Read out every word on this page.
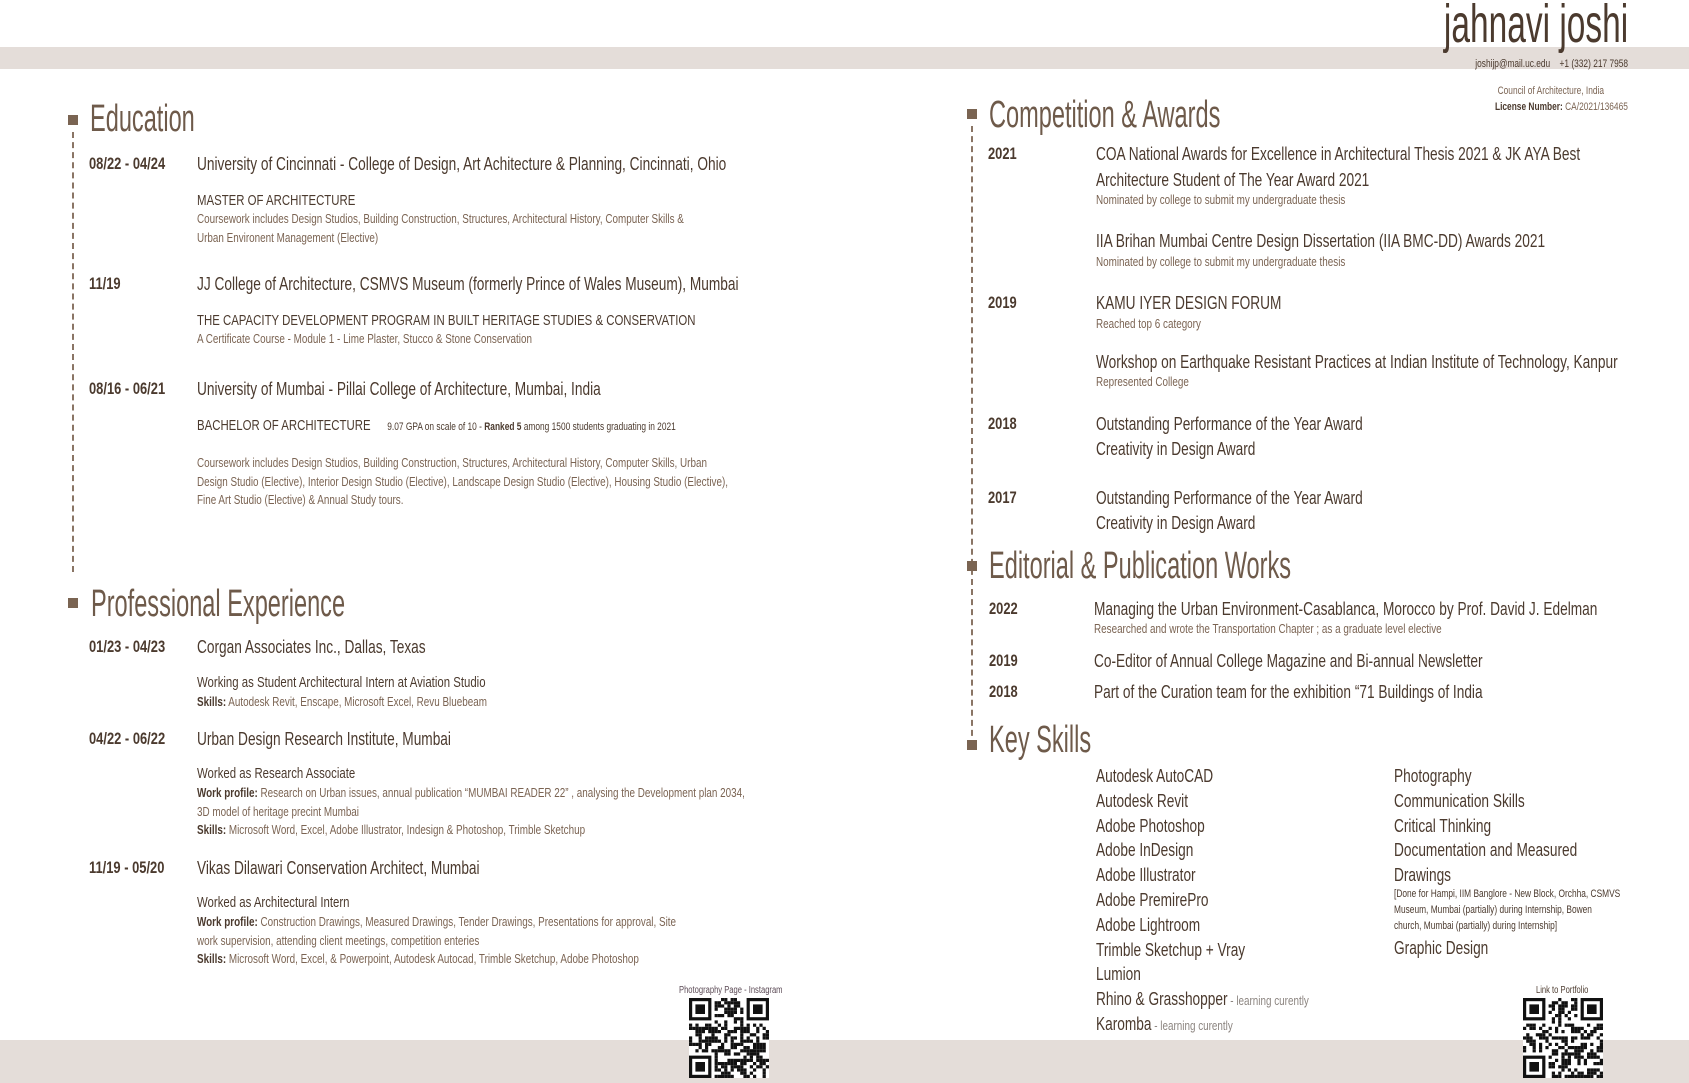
jahnavi joshi
joshijp@mail.uc.edu +1 (332) 217 7958
Council of Architecture, India
License Number: CA/2021/136465
Education
08/22 - 04/24 University of Cincinnati - College of Design, Art Achitecture & Planning, Cincinnati, Ohio
MASTER OF ARCHITECTURE
Coursework includes Design Studios, Building Construction, Structures, Architectural History, Computer Skills &
Urban Environent Management (Elective)
11/19	JJ College of Architecture, CSMVS Museum (formerly Prince of Wales Museum), Mumbai
THE CAPACITY DEVELOPMENT PROGRAM IN BUILT HERITAGE STUDIES & CONSERVATION
A Certificate Course - Module 1 - Lime Plaster, Stucco & Stone Conservation
08/16 - 06/21 University of Mumbai - Pillai College of Architecture, Mumbai, India
BACHELOR OF ARCHITECTURE 9.07 GPA on scale of 10 - Ranked 5 among 1500 students graduating in 2021
Coursework includes Design Studios, Building Construction, Structures, Architectural History, Computer Skills, Urban
Design Studio (Elective), Interior Design Studio (Elective), Landscape Design Studio (Elective), Housing Studio (Elective),
Fine Art Studio (Elective) & Annual Study tours.
Professional Experience
01/23 - 04/23 Corgan Associates Inc., Dallas, Texas
Working as Student Architectural Intern at Aviation Studio
Skills: Autodesk Revit, Enscape, Microsoft Excel, Revu Bluebeam
04/22 - 06/22 Urban Design Research Institute, Mumbai
Worked as Research Associate
Work profile: Research on Urban issues, annual publication “MUMBAI READER 22” , analysing the Development plan 2034,
3D model of heritage precint Mumbai
Skills: Microsoft Word, Excel, Adobe Illustrator, Indesign & Photoshop, Trimble Sketchup
11/19 - 05/20 Vikas Dilawari Conservation Architect, Mumbai
Worked as Architectural Intern
Work profile: Construction Drawings, Measured Drawings, Tender Drawings, Presentations for approval, Site
work supervision, attending client meetings, competition enteries
Skills: Microsoft Word, Excel, & Powerpoint, Autodesk Autocad, Trimble Sketchup, Adobe Photoshop
Photography Page - Instagram
Competition & Awards
2021	COA National Awards for Excellence in Architectural Thesis 2021 & JK AYA Best
Architecture Student of The Year Award 2021
Nominated by college to submit my undergraduate thesis
IIA Brihan Mumbai Centre Design Dissertation (IIA BMC-DD) Awards 2021
Nominated by college to submit my undergraduate thesis
2019	KAMU IYER DESIGN FORUM
Reached top 6 category
Workshop on Earthquake Resistant Practices at Indian Institute of Technology, Kanpur
Represented College
2018	Outstanding Performance of the Year Award
Creativity in Design Award
2017	Outstanding Performance of the Year Award
Creativity in Design Award
Editorial & Publication Works
2022	Managing the Urban Environment-Casablanca, Morocco by Prof. David J. Edelman
Researched and wrote the Transportation Chapter ; as a graduate level elective
2019	Co-Editor of Annual College Magazine and Bi-annual Newsletter
2018	Part of the Curation team for the exhibition “71 Buildings of India
Key Skills
Autodesk AutoCAD
Autodesk Revit
Adobe Photoshop
Adobe InDesign
Adobe Illustrator
Adobe PremirePro
Adobe Lightroom
Trimble Sketchup + Vray
Lumion
Rhino & Grasshopper - learning curently
Karomba - learning curently
Photography
Communication Skills
Critical Thinking
Documentation and Measured
Drawings
[Done for Hampi, IIM Banglore - New Block, Orchha, CSMVS
Museum, Mumbai (partially) during Internship, Bowen
church, Mumbai (partially) during Internship]
Graphic Design
Link to Portfolio
